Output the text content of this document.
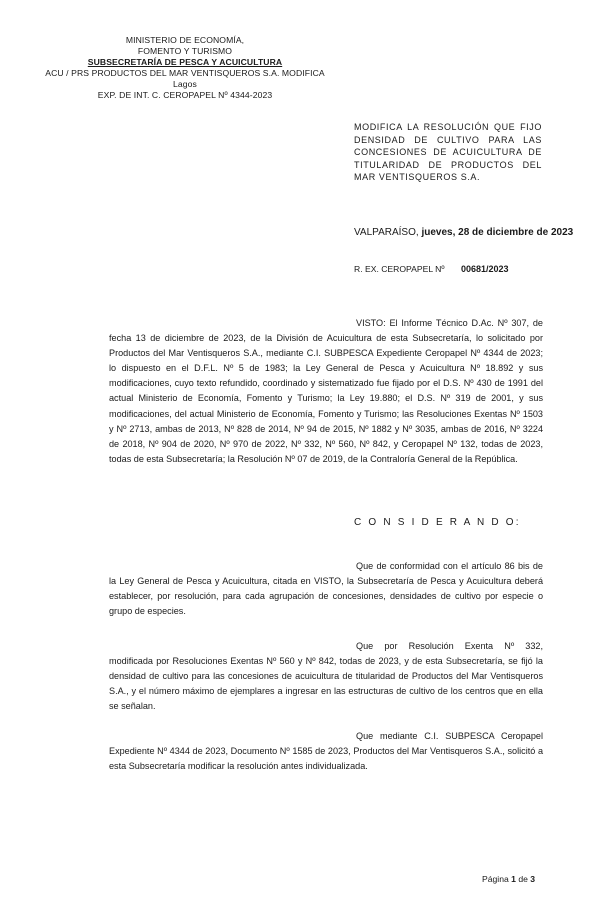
MINISTERIO DE ECONOMÍA,
FOMENTO Y TURISMO
SUBSECRETARÍA DE PESCA Y ACUICULTURA
ACU / PRS PRODUCTOS DEL MAR VENTISQUEROS S.A. MODIFICA
Lagos
EXP. DE INT. C. CEROPAPEL Nº 4344-2023
MODIFICA LA RESOLUCIÓN QUE FIJO DENSIDAD DE CULTIVO PARA LAS CONCESIONES DE ACUICULTURA DE TITULARIDAD DE PRODUCTOS DEL MAR VENTISQUEROS S.A.
VALPARAÍSO, jueves, 28 de diciembre de 2023
R. EX. CEROPAPEL Nº 00681/2023
VISTO: El Informe Técnico D.Ac. Nº 307, de fecha 13 de diciembre de 2023, de la División de Acuicultura de esta Subsecretaría, lo solicitado por Productos del Mar Ventisqueros S.A., mediante C.I. SUBPESCA Expediente Ceropapel Nº 4344 de 2023; lo dispuesto en el D.F.L. Nº 5 de 1983; la Ley General de Pesca y Acuicultura Nº 18.892 y sus modificaciones, cuyo texto refundido, coordinado y sistematizado fue fijado por el D.S. Nº 430 de 1991 del actual Ministerio de Economía, Fomento y Turismo; la Ley 19.880; el D.S. Nº 319 de 2001, y sus modificaciones, del actual Ministerio de Economía, Fomento y Turismo; las Resoluciones Exentas Nº 1503 y Nº 2713, ambas de 2013, Nº 828 de 2014, Nº 94 de 2015, Nº 1882 y Nº 3035, ambas de 2016, Nº 3224 de 2018, Nº 904 de 2020, Nº 970 de 2022, Nº 332, Nº 560, Nº 842, y Ceropapel Nº 132, todas de 2023, todas de esta Subsecretaría; la Resolución Nº 07 de 2019, de la Contraloría General de la República.
C O N S I D E R A N D O:
Que de conformidad con el artículo 86 bis de la Ley General de Pesca y Acuicultura, citada en VISTO, la Subsecretaría de Pesca y Acuicultura deberá establecer, por resolución, para cada agrupación de concesiones, densidades de cultivo por especie o grupo de especies.
Que por Resolución Exenta Nº 332, modificada por Resoluciones Exentas Nº 560 y Nº 842, todas de 2023, y de esta Subsecretaría, se fijó la densidad de cultivo para las concesiones de acuicultura de titularidad de Productos del Mar Ventisqueros S.A., y el número máximo de ejemplares a ingresar en las estructuras de cultivo de los centros que en ella se señalan.
Que mediante C.I. SUBPESCA Ceropapel Expediente Nº 4344 de 2023, Documento Nº 1585 de 2023, Productos del Mar Ventisqueros S.A., solicitó a esta Subsecretaría modificar la resolución antes individualizada.
Página 1 de 3
